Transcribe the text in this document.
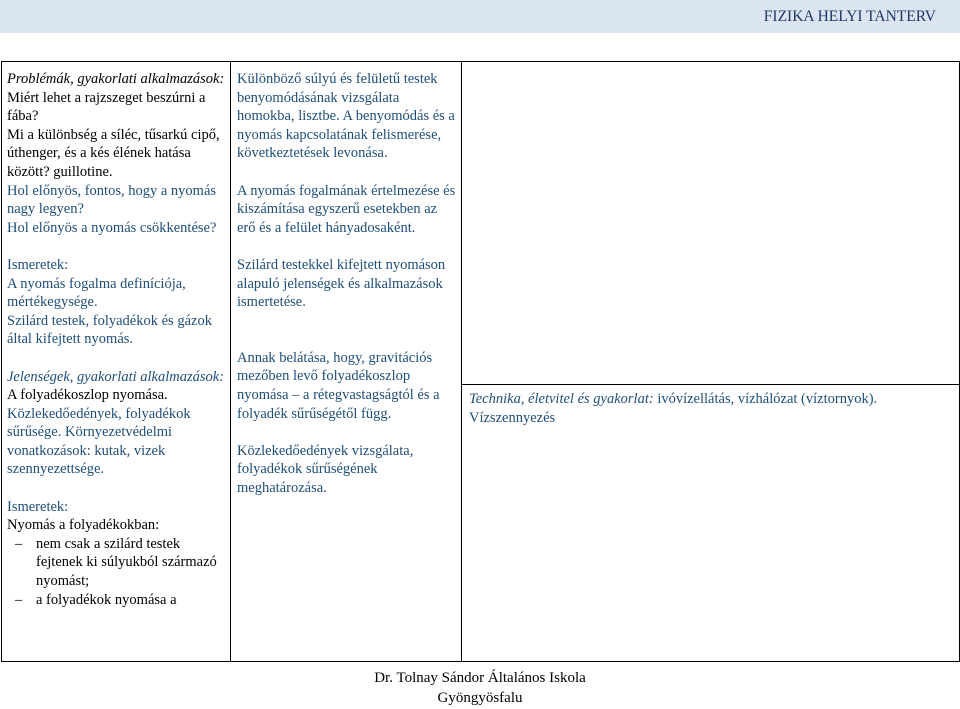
FIZIKA HELYI TANTERV

Problémák, gyakorlati alkalmazások:

Miért lehet a rajzszeget beszúrni a fába?

Mi a különbség a síléc, tűsarkú cipő, úthenger, és a kés élének hatása között? guillotine.

Hol előnyös, fontos, hogy a nyomás nagy legyen?

Hol előnyös a nyomás csökkentése?

Ismeretek:

A nyomás fogalma definíciója, mértékegysége.

Szilárd testek, folyadékok és gázok által kifejtett nyomás.

Jelenségek, gyakorlati alkalmazások:

A folyadékoszlop nyomása.

Közlekedőedények, folyadékok sűrűsége. Környezetvédelmi vonatkozások: kutak, vizek szennyezettsége.

Ismeretek:

Nyomás a folyadékokban:

– nem csak a szilárd testek fejtenek ki súlyukból származó nyomást;
– a folyadékok nyomása a

Különböző súlyú és felületű testek benyomódásának vizsgálata homokba, lisztbe. A benyomódás és a nyomás kapcsolatának felismerése, következtetések levonása.

A nyomás fogalmának értelmezése és kiszámítása egyszerű esetekben az erő és a felület hányadosaként.

Szilárd testekkel kifejtett nyomáson alapuló jelenségek és alkalmazások ismertetése.

Annak belátása, hogy, gravitációs mezőben levő folyadékoszlop nyomása – a rétegvastagságtól és a folyadék sűrűségétől függ.

Közlekedőedények vizsgálata, folyadékok sűrűségének meghatározása.

Technika, életvitel és gyakorlat: ivóvízellátás, vízhálózat (víztornyok). Vízszennyezés

Dr. Tolnay Sándor Általános Iskola
Gyöngyösfalu
